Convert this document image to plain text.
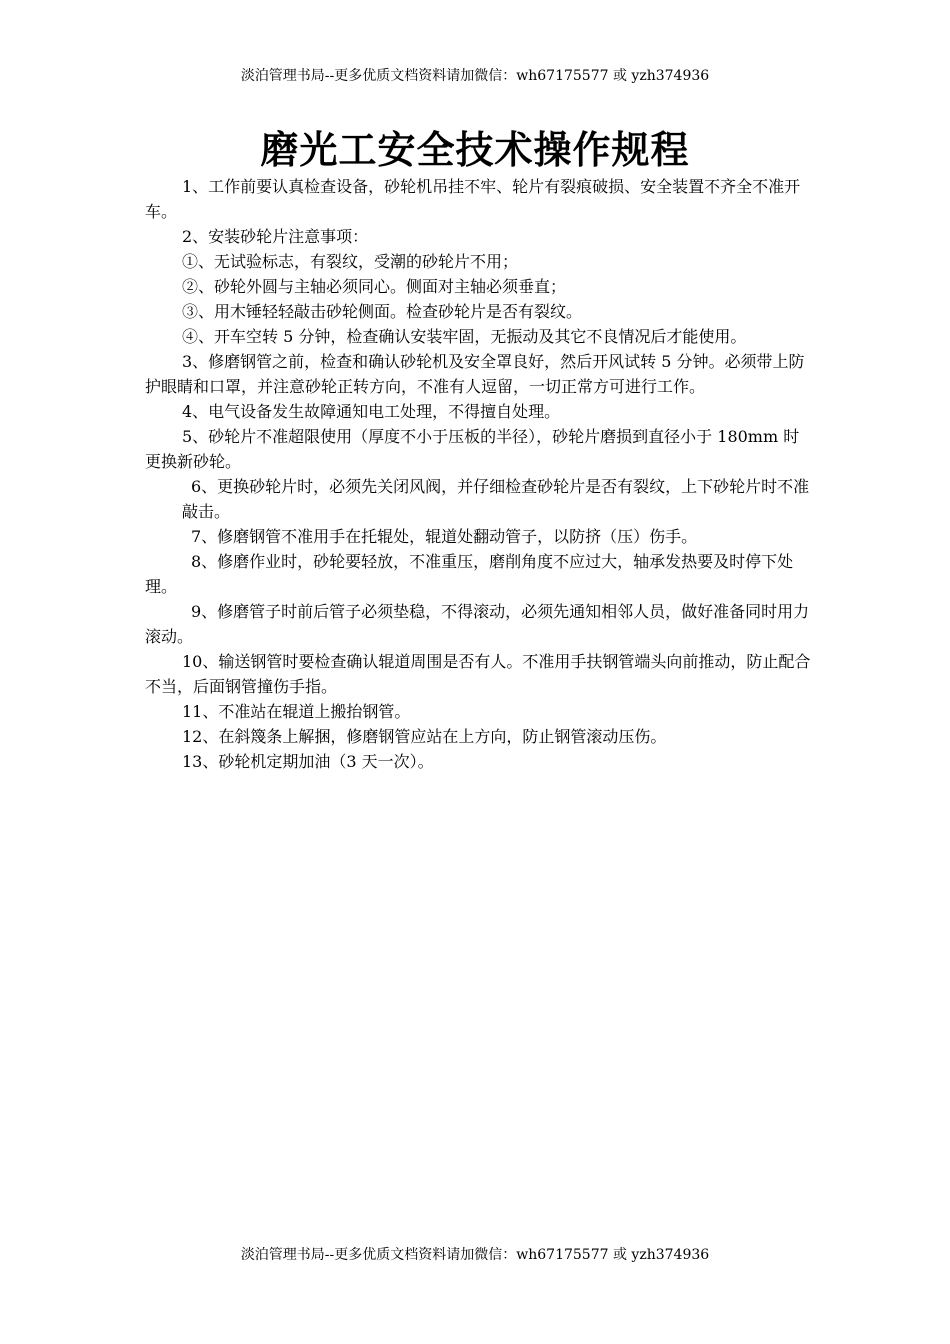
淡泊管理书局--更多优质文档资料请加微信：wh67175577 或 yzh374936
磨光工安全技术操作规程

1、工作前要认真检查设备，砂轮机吊挂不牢、轮片有裂痕破损、安全装置不齐全不准开车。

2、安装砂轮片注意事项：

①、无试验标志，有裂纹，受潮的砂轮片不用；

②、砂轮外圆与主轴必须同心。侧面对主轴必须垂直；

③、用木锤轻轻敲击砂轮侧面。检查砂轮片是否有裂纹。

④、开车空转 5 分钟，检查确认安装牢固，无振动及其它不良情况后才能使用。

3、修磨钢管之前，检查和确认砂轮机及安全罩良好，然后开风试转 5 分钟。必须带上防护眼睛和口罩，并注意砂轮正转方向，不准有人逗留，一切正常方可进行工作。

4、电气设备发生故障通知电工处理，不得擅自处理。

5、砂轮片不准超限使用（厚度不小于压板的半径），砂轮片磨损到直径小于 180mm 时更换新砂轮。

6、更换砂轮片时，必须先关闭风阀，并仔细检查砂轮片是否有裂纹，上下砂轮片时不准敲击。

7、修磨钢管不准用手在托辊处，辊道处翻动管子，以防挤（压）伤手。

8、修磨作业时，砂轮要轻放，不准重压，磨削角度不应过大，轴承发热要及时停下处理。

9、修磨管子时前后管子必须垫稳，不得滚动，必须先通知相邻人员，做好准备同时用力滚动。

10、输送钢管时要检查确认辊道周围是否有人。不准用手扶钢管端头向前推动，防止配合不当，后面钢管撞伤手指。

11、不准站在辊道上搬抬钢管。

12、在斜篾条上解捆，修磨钢管应站在上方向，防止钢管滚动压伤。

13、砂轮机定期加油（3 天一次）。

淡泊管理书局--更多优质文档资料请加微信：wh67175577 或 yzh374936
